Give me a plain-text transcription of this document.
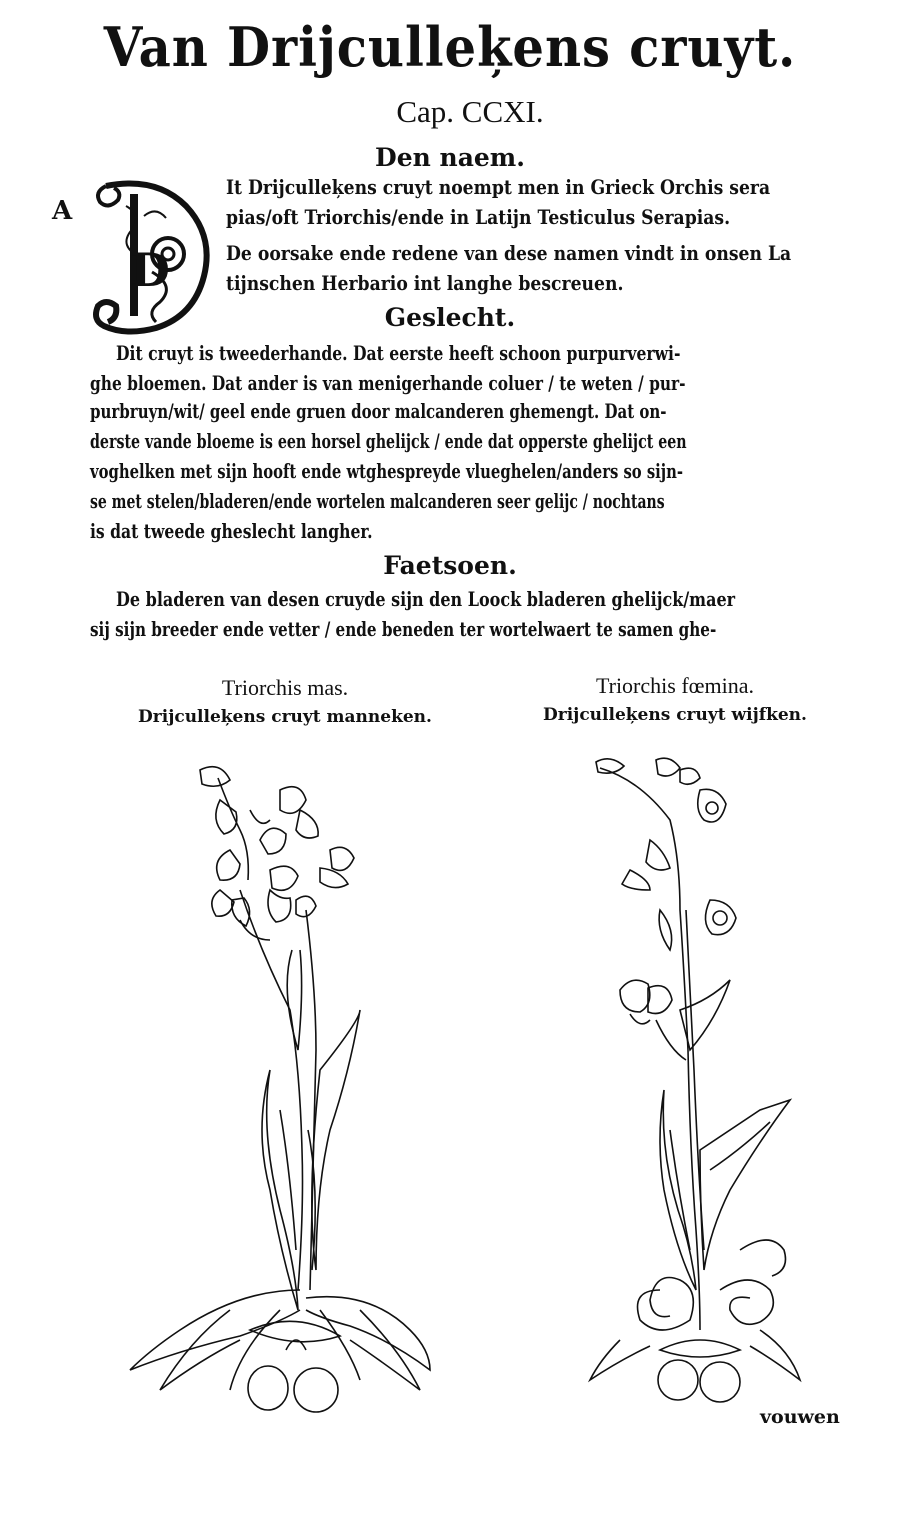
Van Drijculleķens cruyt.
Cap. CCXI.
Den naem.
A
D
It Drijculleķens cruyt noempt men in Grieck Orchis sera
pias/oft Triorchis/ende in Latijn Testiculus Serapias.
De oorsake ende redene van dese namen vindt in onsen La
tijnschen Herbario int langhe bescreuen.
Geslecht.
Dit cruyt is tweederhande. Dat eerste heeft schoon purpurverwi-
ghe bloemen. Dat ander is van menigerhande coluer / te weten / pur-
purbruyn/wit/ geel ende gruen door malcanderen ghemengt. Dat on-
derste vande bloeme is een horsel ghelijck / ende dat opperste ghelijct een
voghelken met sijn hooft ende wtghespreyde vlueghelen/anders so sijn-
se met stelen/bladeren/ende wortelen malcanderen seer gelijc / nochtans
is dat tweede gheslecht langher.
Faetsoen.
De bladeren van desen cruyde sijn den Loock bladeren ghelijck/maer
sij sijn breeder ende vetter / ende beneden ter wortelwaert te samen ghe-
Triorchis mas.
Drijculleķens cruyt manneken.
Triorchis fœmina.
Drijculleķens cruyt wijfken.
vouwen
